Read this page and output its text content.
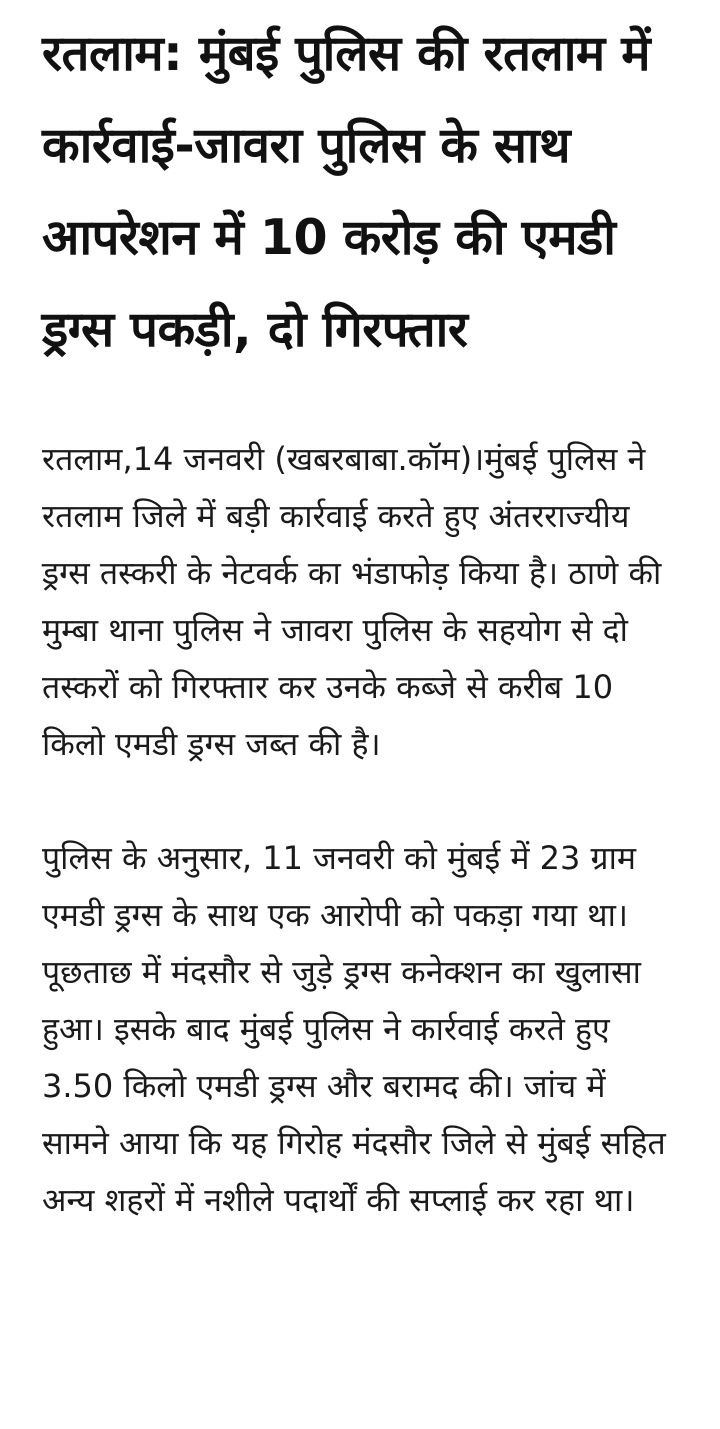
रतलाम: मुंबई पुलिस की रतलाम में कार्रवाई-जावरा पुलिस के साथ आपरेशन में 10 करोड़ की एमडी ड्रग्स पकड़ी, दो गिरफ्तार

रतलाम,14 जनवरी (खबरबाबा.कॉम)।मुंबई पुलिस ने रतलाम जिले में बड़ी कार्रवाई करते हुए अंतरराज्यीय ड्रग्स तस्करी के नेटवर्क का भंडाफोड़ किया है। ठाणे की मुम्बा थाना पुलिस ने जावरा पुलिस के सहयोग से दो तस्करों को गिरफ्तार कर उनके कब्जे से करीब 10 किलो एमडी ड्रग्स जब्त की है।

पुलिस के अनुसार, 11 जनवरी को मुंबई में 23 ग्राम एमडी ड्रग्स के साथ एक आरोपी को पकड़ा गया था। पूछताछ में मंदसौर से जुड़े ड्रग्स कनेक्शन का खुलासा हुआ। इसके बाद मुंबई पुलिस ने कार्रवाई करते हुए 3.50 किलो एमडी ड्रग्स और बरामद की। जांच में सामने आया कि यह गिरोह मंदसौर जिले से मुंबई सहित अन्य शहरों में नशीले पदार्थों की सप्लाई कर रहा था।
